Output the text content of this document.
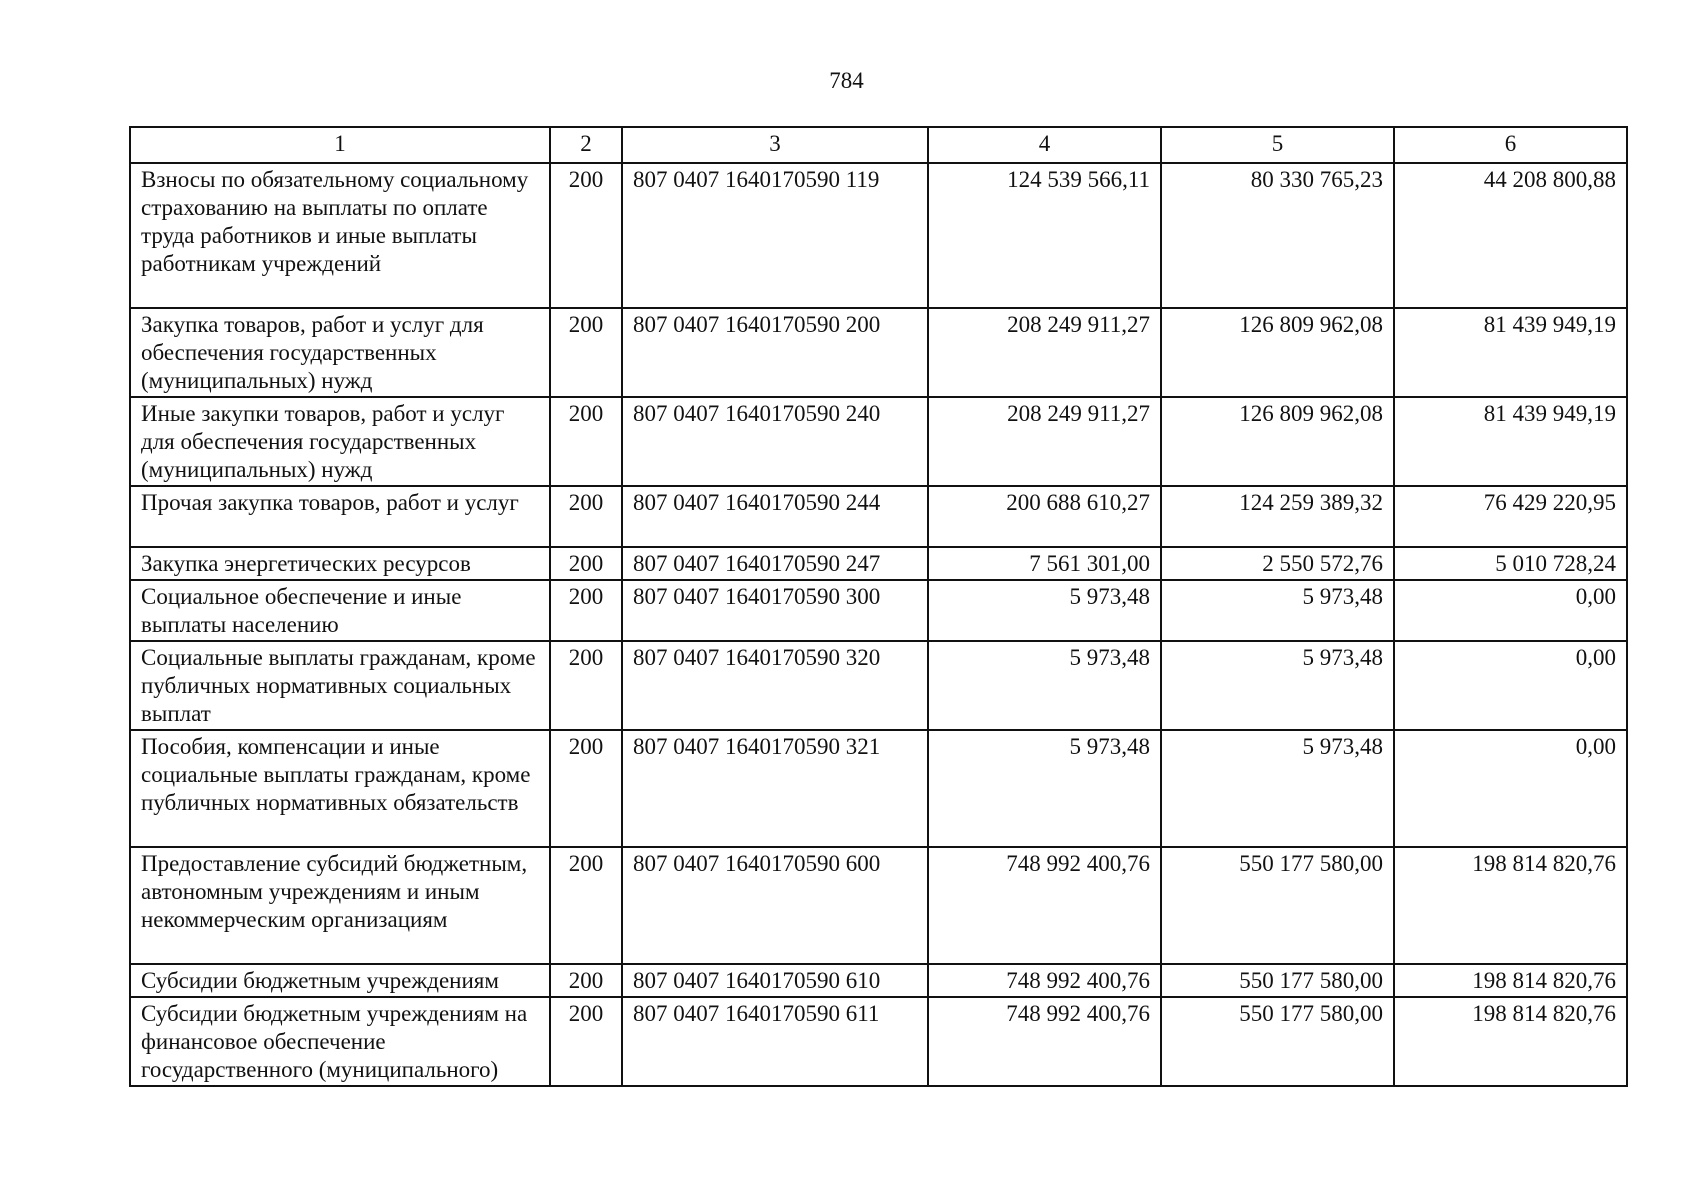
784
1	2	3	4	5	6
Взносы по обязательному социальному страхованию на выплаты по оплате труда работников и иные выплаты работникам учреждений	200	807 0407 1640170590 119	124 539 566,11	80 330 765,23	44 208 800,88
Закупка товаров, работ и услуг для обеспечения государственных (муниципальных) нужд	200	807 0407 1640170590 200	208 249 911,27	126 809 962,08	81 439 949,19
Иные закупки товаров, работ и услуг для обеспечения государственных (муниципальных) нужд	200	807 0407 1640170590 240	208 249 911,27	126 809 962,08	81 439 949,19
Прочая закупка товаров, работ и услуг	200	807 0407 1640170590 244	200 688 610,27	124 259 389,32	76 429 220,95
Закупка энергетических ресурсов	200	807 0407 1640170590 247	7 561 301,00	2 550 572,76	5 010 728,24
Социальное обеспечение и иные выплаты населению	200	807 0407 1640170590 300	5 973,48	5 973,48	0,00
Социальные выплаты гражданам, кроме публичных нормативных социальных выплат	200	807 0407 1640170590 320	5 973,48	5 973,48	0,00
Пособия, компенсации и иные социальные выплаты гражданам, кроме публичных нормативных обязательств	200	807 0407 1640170590 321	5 973,48	5 973,48	0,00
Предоставление субсидий бюджетным, автономным учреждениям и иным некоммерческим организациям	200	807 0407 1640170590 600	748 992 400,76	550 177 580,00	198 814 820,76
Субсидии бюджетным учреждениям	200	807 0407 1640170590 610	748 992 400,76	550 177 580,00	198 814 820,76
Субсидии бюджетным учреждениям на финансовое обеспечение государственного (муниципального)	200	807 0407 1640170590 611	748 992 400,76	550 177 580,00	198 814 820,76
